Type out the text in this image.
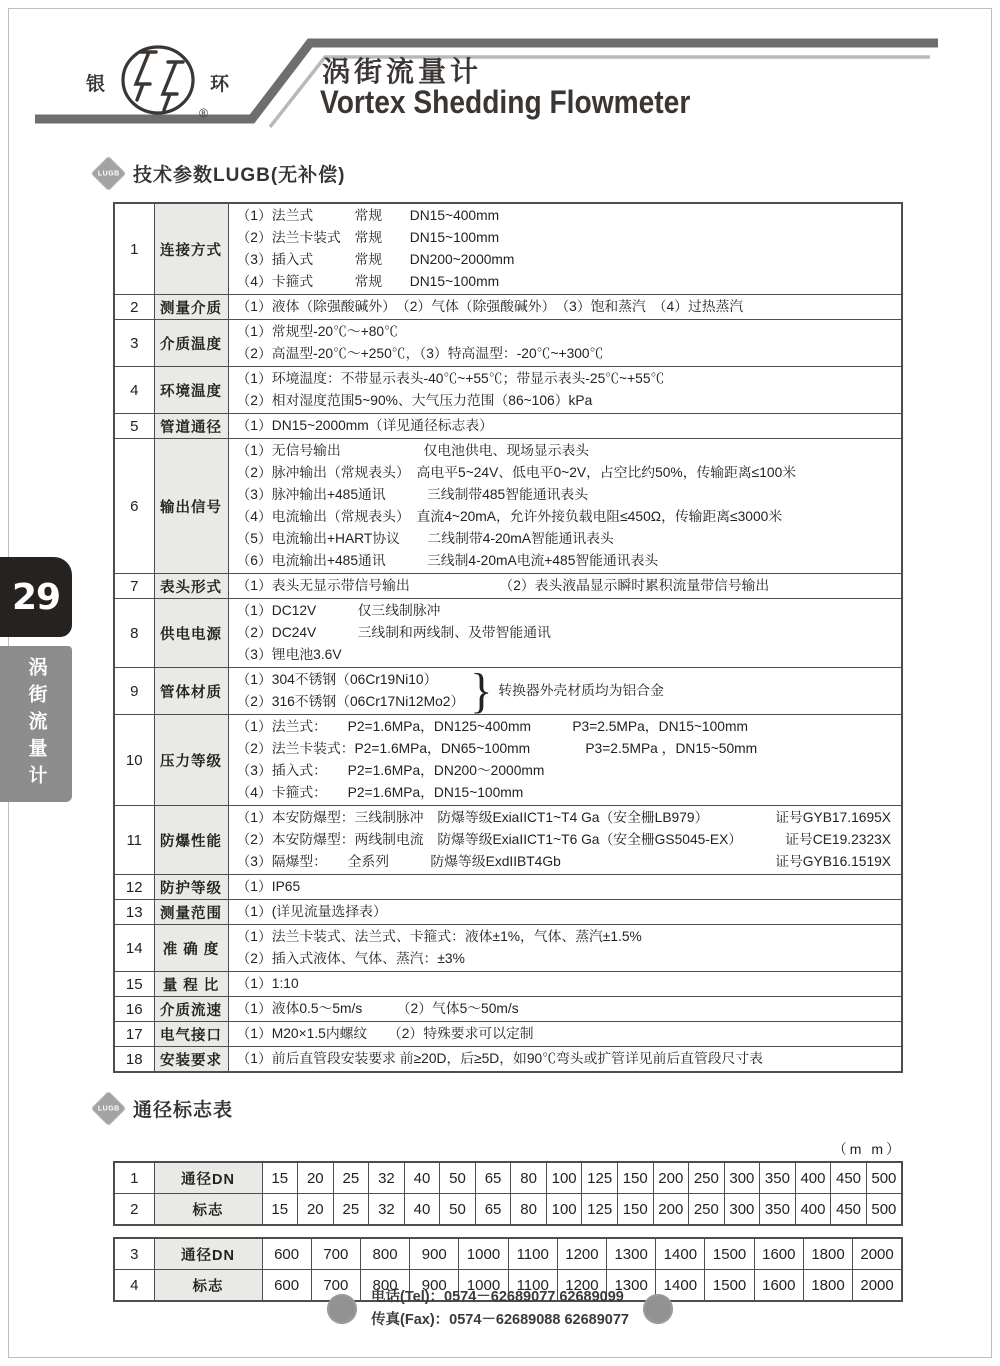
银
®
环	涡街流量计
Vortex Shedding Flowmeter
29
涡街流量计
LUGB 技术参数LUGB(无补偿)
1	连接方式	（1）法兰式　　　常规　　DN15~400mm
（2）法兰卡装式　常规　　DN15~100mm
（3）插入式　　　常规　　DN200~2000mm
（4）卡箍式　　　常规　　DN15~100mm

2	测量介质	（1）液体（除强酸碱外）　（2）气体（除强酸碱外）　（3）饱和蒸汽　（4）过热蒸汽

3	介质温度	（1）常规型-20℃～+80℃
（2）高温型-20℃～+250℃，（3）特高温型：-20℃~+300℃

4	环境温度	（1）环境温度：不带显示表头-40℃~+55℃；带显示表头-25℃~+55℃
（2）相对湿度范围5~90%、大气压力范围（86~106）kPa

5	管道通径	（1）DN15~2000mm（详见通径标志表）

6	输出信号	
（1）无信号输出　　　　　　仅电池供电、现场显示表头
（2）脉冲输出（常规表头）　高电平5~24V、低电平0~2V，占空比约50%，传输距离≤100米
（3）脉冲输出+485通讯　　　三线制带485智能通讯表头
（4）电流输出（常规表头）　直流4~20mA，允许外接负载电阻≤450Ω，传输距离≤3000米
（5）电流输出+HART协议　　二线制带4-20mA智能通讯表头
（6）电流输出+485通讯　　　三线制4-20mA电流+485智能通讯表头

7	表头形式	（1）表头无显示带信号输出　　　　　　　（2）表头液晶显示瞬时累积流量带信号输出

8	供电电源	（1）DC12V　　　仅三线制脉冲
（2）DC24V　　　三线制和两线制、及带智能通讯
（3）锂电池3.6V

9	管体材质	（1）304不锈钢（06Cr19Ni10）
（2）316不锈钢（06Cr17Ni12Mo2） } 转换器外壳材质均为铝合金

10	压力等级	（1）法兰式：　　P2=1.6MPa，DN125~400mm　　　P3=2.5MPa，DN15~100mm
（2）法兰卡装式：P2=1.6MPa，DN65~100mm　　　　P3=2.5MPa ，DN15~50mm
（3）插入式：　　P2=1.6MPa，DN200～2000mm
（4）卡箍式：　　P2=1.6MPa，DN15~100mm

11	防爆性能	
（1）本安防爆型：三线制脉冲　防爆等级ExiaIICT1~T4 Ga（安全栅LB979）	证号GYB17.1695X
（2）本安防爆型：两线制电流　防爆等级ExiaIICT1~T6 Ga（安全栅GS5045-EX）	证号CE19.2323X
（3）隔爆型：　　全系列　　　防爆等级ExdIIBT4Gb	证号GYB16.1519X

12	防护等级	（1）IP65

13	测量范围	（1）(详见流量选择表）

14	准 确 度	（1）法兰卡装式、法兰式、卡箍式：液体±1%，气体、蒸汽±1.5%
（2）插入式液体、气体、蒸汽：±3%

15	量 程 比	（1）1:10

16	介质流速	（1）液体0.5～5m/s　　　（2）气体5～50m/s

17	电气接口	（1）M20×1.5内螺纹　　（2）特殊要求可以定制

18	安装要求	（1）前后直管段安装要求 前≥20D，后≥5D，如90℃弯头或扩管详见前后直管段尺寸表
LUGB 通径标志表
（m m）
1	通径DN	15	20	25	32	40	50	65	80	100	125	150	200	250	300	350	400	450	500
2	标志	15	20	25	32	40	50	65	80	100	125	150	200	250	300	350	400	450	500
3	通径DN	600	700	800	900	1000	1100	1200	1300	1400	1500	1600	1800	2000
4	标志	600	700	800	900	1000	1100	1200	1300	1400	1500	1600	1800	2000
电话(Tel)：0574－62689077 62689099
传真(Fax)：0574－62689088 62689077
